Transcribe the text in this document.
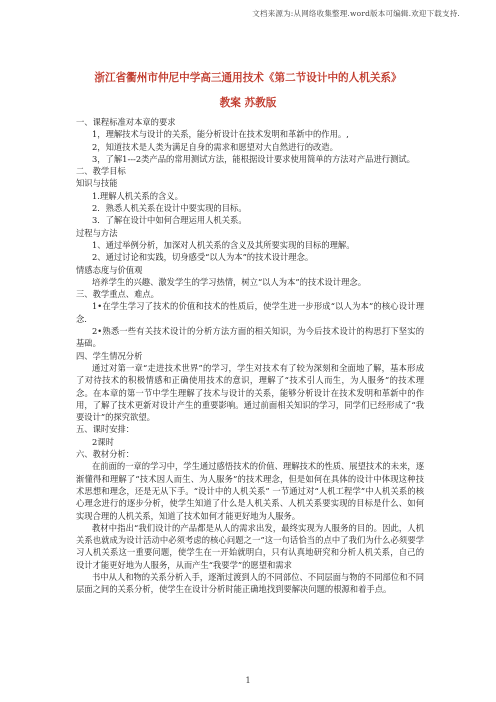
文档来源为:从网络收集整理.word版本可编辑.欢迎下载支持.
浙江省衢州市仲尼中学高三通用技术《第二节设计中的人机关系》
教案 苏教版

一、课程标准对本章的要求

1，理解技术与设计的关系，能分析设计在技术发明和革新中的作用。,

2，知道技术是人类为满足自身的需求和愿望对大自然进行的改造。

3，了解1---2类产品的常用测试方法，能根据设计要求使用简单的方法对产品进行测试。

二、教学目标

知识与技能

1.理解人机关系的含义。

2．熟悉人机关系在设计中要实现的目标。

3．了解在设计中如何合理运用人机关系。

过程与方法

1、通过举例分析，加深对人机关系的含义及其所要实现的目标的理解。

2、通过讨论和实践，切身感受“以人为本”的技术设计理念。

情感态度与价值观

培养学生的兴趣、激发学生的学习热情，树立“以人为本”的技术设计理念。

三、教学重点、难点。

1•在学生学习了技术的价值和技术的性质后，使学生进一步形成“以人为本”的核心设计理念.

2•熟悉一些有关技术设计的分析方法方面的相关知识，为今后技术设计的构思打下坚实的基础。

四、学生情况分析

通过对第一章“走进技术世界”的学习，学生对技术有了较为深刻和全面地了解，基本形成了对待技术的积极情感和正确使用技术的意识，理解了“技术引人而生，为人服务”的技术理念。在本章的第一节中学生理解了技术与设计的关系，能够分析设计在技术发明和革新中的作用，了解了技术更新对设计产生的重要影响。通过前面相关知识的学习，同学们已经形成了“我要设计”的探究欲望。

五、课时安排：

2课时

六、教材分析：

在前面的一章的学习中，学生通过感悟技术的价值、理解技术的性质、展望技术的未来，逐渐懂得和理解了“技术因人而生、为人服务”的技术理念，但是如何在具体的设计中体现这种技术思想和理念，还是无从下手。“设计中的人机关系” 一节通过对“人机工程学”中人机关系的核心理念进行的逐步分析，使学生知道了什么是人机关系、人机关系要实现的目标是什么、如何实现合理的人机关系，知道了技术如何才能更好地为人服务。

教材中指出“我们设计的产品都是从人的需求出发，最终实现为人服务的目的。因此，人机关系也就成为设计活动中必须考虑的核心问题之一”这一句话恰当的点中了我们为什么必须要学习人机关系这一重要问题，使学生在一开始就明白，只有认真地研究和分析人机关系，自己的设计才能更好地为人服务，从而产生“我要学”的愿望和需求

书中从人和物的关系分析入手，逐渐过渡到人的不同部位、不同层面与物的不同部位和不同层面之间的关系分析，使学生在设计分析时能正确地找到要解决问题的根源和着手点。

1
